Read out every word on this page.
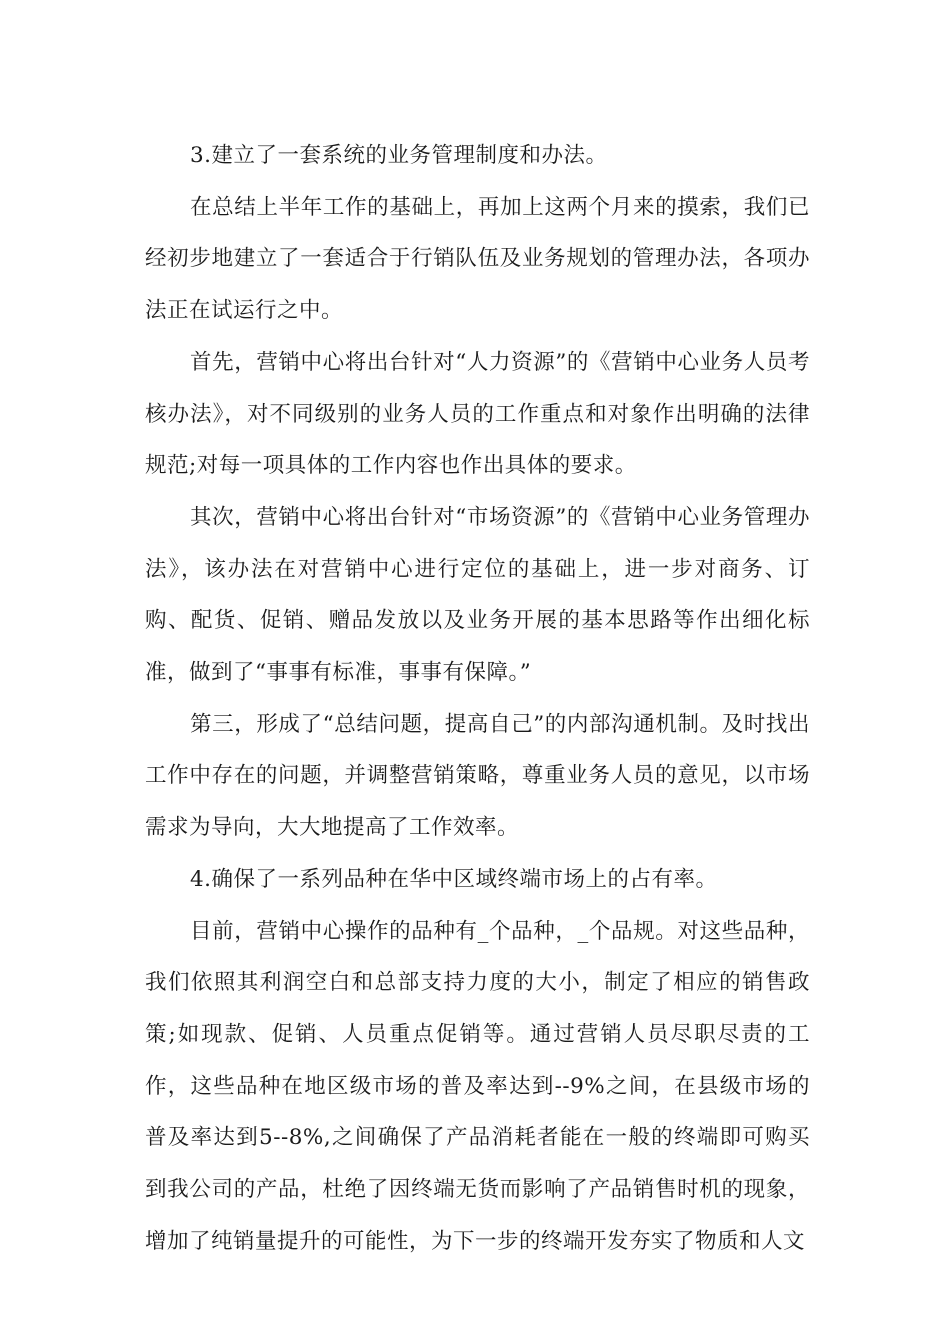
3.建立了一套系统的业务管理制度和办法。

在总结上半年工作的基础上，再加上这两个月来的摸索，我们已经初步地建立了一套适合于行销队伍及业务规划的管理办法，各项办法正在试运行之中。

首先，营销中心将出台针对“人力资源”的《营销中心业务人员考核办法》，对不同级别的业务人员的工作重点和对象作出明确的法律规范;对每一项具体的工作内容也作出具体的要求。

其次，营销中心将出台针对“市场资源”的《营销中心业务管理办法》，该办法在对营销中心进行定位的基础上，进一步对商务、订购、配货、促销、赠品发放以及业务开展的基本思路等作出细化标准，做到了“事事有标准，事事有保障。”

第三，形成了“总结问题，提高自己”的内部沟通机制。及时找出工作中存在的问题，并调整营销策略，尊重业务人员的意见，以市场需求为导向，大大地提高了工作效率。

4.确保了一系列品种在华中区域终端市场上的占有率。

目前，营销中心操作的品种有_个品种，_个品规。对这些品种，我们依照其利润空白和总部支持力度的大小，制定了相应的销售政策;如现款、促销、人员重点促销等。通过营销人员尽职尽责的工作，这些品种在地区级市场的普及率达到--9%之间，在县级市场的普及率达到5--8%,之间确保了产品消耗者能在一般的终端即可购买到我公司的产品，杜绝了因终端无货而影响了产品销售时机的现象，增加了纯销量提升的可能性，为下一步的终端开发夯实了物质和人文
